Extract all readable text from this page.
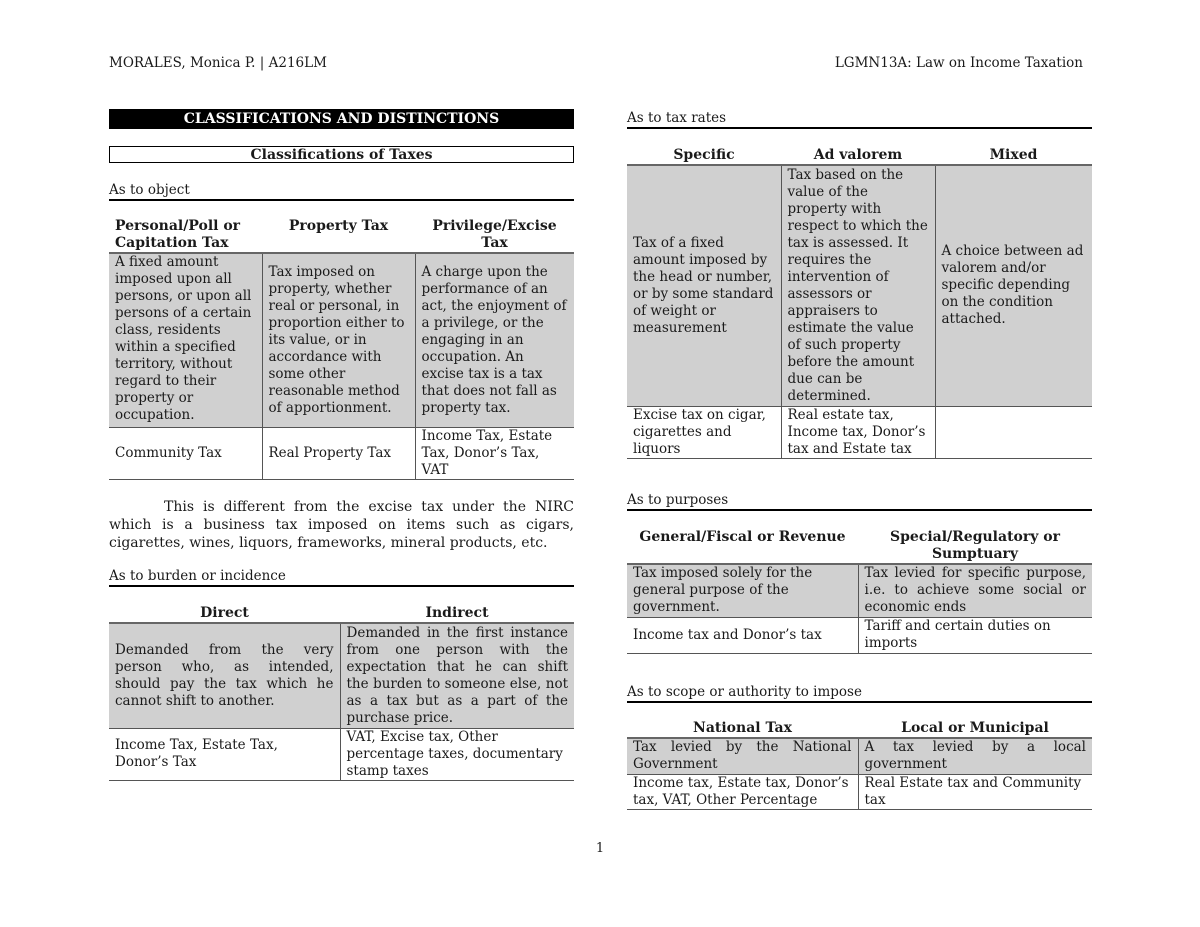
MORALES, Monica P. | A216LM	LGMN13A: Law on Income Taxation
CLASSIFICATIONS AND DISTINCTIONS
Classifications of Taxes
As to object
Personal/Poll or Capitation Tax	Property Tax	Privilege/Excise Tax
A fixed amount imposed upon all persons, or upon all persons of a certain class, residents within a specified territory, without regard to their property or occupation.	Tax imposed on property, whether real or personal, in proportion either to its value, or in accordance with some other reasonable method of apportionment.	A charge upon the performance of an act, the enjoyment of a privilege, or the engaging in an occupation. An excise tax is a tax that does not fall as property tax.
Community Tax	Real Property Tax	Income Tax, Estate Tax, Donor’s Tax, VAT

This is different from the excise tax under the NIRC which is a business tax imposed on items such as cigars, cigarettes, wines, liquors, frameworks, mineral products, etc.

As to burden or incidence
Direct	Indirect
Demanded from the very person who, as intended, should pay the tax which he cannot shift to another.	Demanded in the first instance from one person with the expectation that he can shift the burden to someone else, not as a tax but as a part of the purchase price.
Income Tax, Estate Tax, Donor’s Tax	VAT, Excise tax, Other percentage taxes, documentary stamp taxes
As to tax rates
Specific	Ad valorem	Mixed
Tax of a fixed amount imposed by the head or number, or by some standard of weight or measurement	Tax based on the value of the property with respect to which the tax is assessed. It requires the intervention of assessors or appraisers to estimate the value of such property before the amount due can be determined.	A choice between ad valorem and/or specific depending on the condition attached.
Excise tax on cigar, cigarettes and liquors	Real estate tax, Income tax, Donor’s tax and Estate tax	
As to purposes
General/Fiscal or Revenue	Special/Regulatory or Sumptuary
Tax imposed solely for the general purpose of the government.	Tax levied for specific purpose, i.e. to achieve some social or economic ends
Income tax and Donor’s tax	Tariff and certain duties on imports
As to scope or authority to impose
National Tax	Local or Municipal
Tax levied by the National Government	A tax levied by a local government
Income tax, Estate tax, Donor’s tax, VAT, Other Percentage	Real Estate tax and Community tax
1
